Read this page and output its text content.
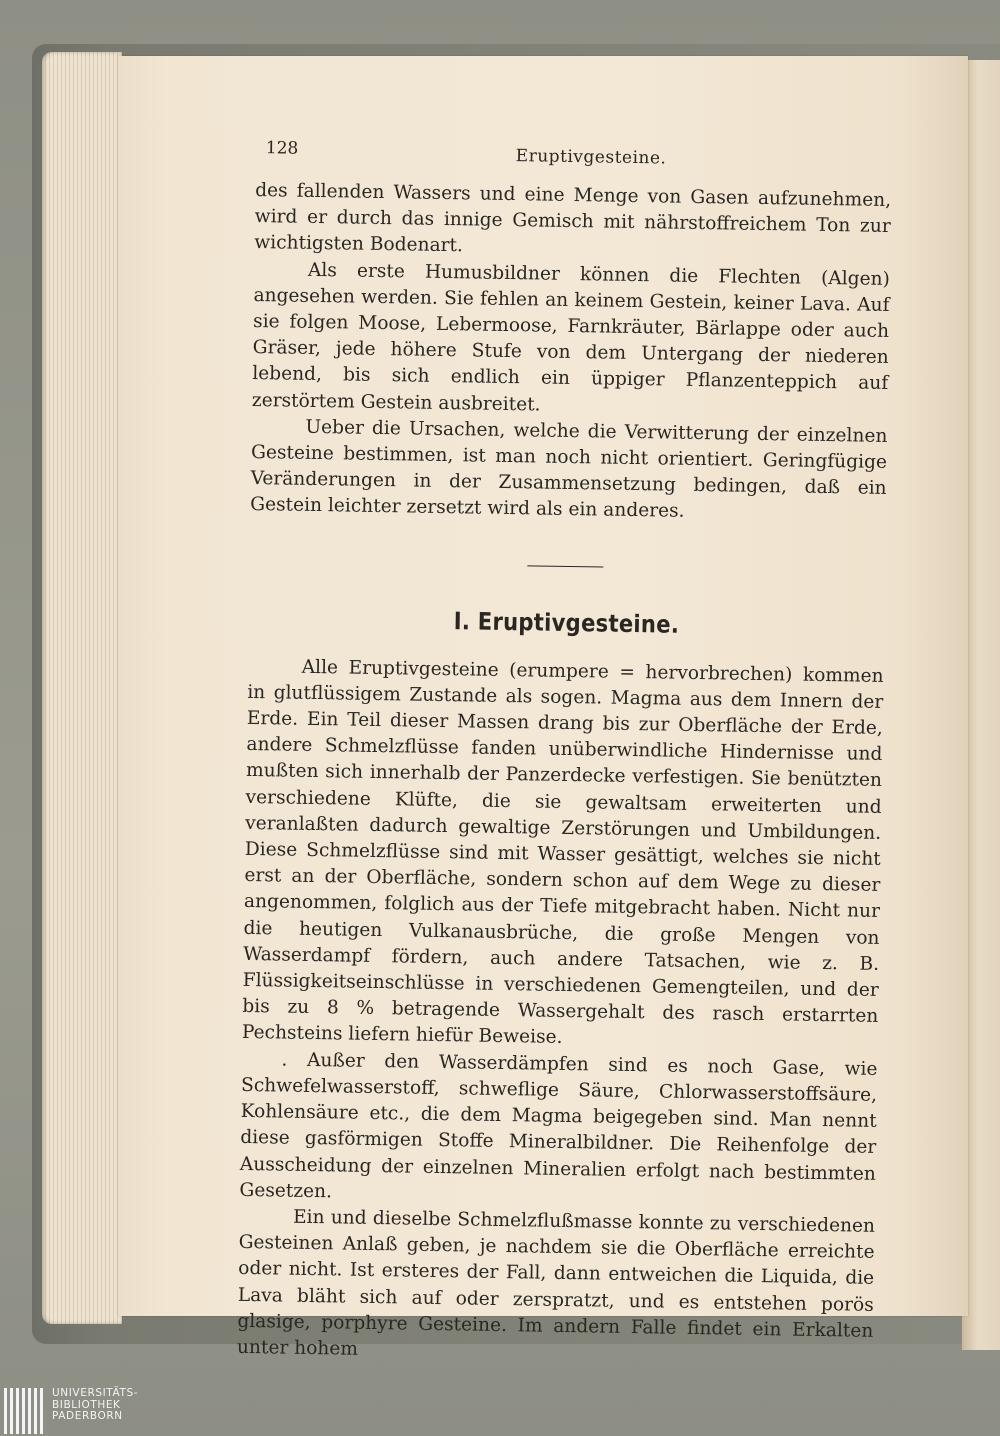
128	Eruptivgesteine.

des fallenden Wassers und eine Menge von Gasen aufzunehmen, wird er durch das innige Gemisch mit nährstoffreichem Ton zur wichtigsten Bodenart.

Als erste Humusbildner können die Flechten (Algen) angesehen werden. Sie fehlen an keinem Gestein, keiner Lava. Auf sie folgen Moose, Lebermoose, Farnkräuter, Bärlappe oder auch Gräser, jede höhere Stufe von dem Untergang der niederen lebend, bis sich endlich ein üppiger Pflanzenteppich auf zerstörtem Gestein ausbreitet.

Ueber die Ursachen, welche die Verwitterung der einzelnen Gesteine bestimmen, ist man noch nicht orientiert. Geringfügige Veränderungen in der Zusammensetzung bedingen, daß ein Gestein leichter zersetzt wird als ein anderes.

I. Eruptivgesteine.

Alle Eruptivgesteine (erumpere = hervorbrechen) kommen in glutflüssigem Zustande als sogen. Magma aus dem Innern der Erde. Ein Teil dieser Massen drang bis zur Oberfläche der Erde, andere Schmelzflüsse fanden unüberwindliche Hindernisse und mußten sich innerhalb der Panzerdecke verfestigen. Sie benützten verschiedene Klüfte, die sie gewaltsam erweiterten und veranlaßten dadurch gewaltige Zerstörungen und Umbildungen. Diese Schmelzflüsse sind mit Wasser gesättigt, welches sie nicht erst an der Oberfläche, sondern schon auf dem Wege zu dieser angenommen, folglich aus der Tiefe mitgebracht haben. Nicht nur die heutigen Vulkanausbrüche, die große Mengen von Wasserdampf fördern, auch andere Tatsachen, wie z. B. Flüssigkeitseinschlüsse in verschiedenen Gemengteilen, und der bis zu 8 % betragende Wassergehalt des rasch erstarrten Pechsteins liefern hiefür Beweise.

. Außer den Wasserdämpfen sind es noch Gase, wie Schwefelwasserstoff, schweflige Säure, Chlorwasserstoffsäure, Kohlensäure etc., die dem Magma beigegeben sind. Man nennt diese gasförmigen Stoffe Mineralbildner. Die Reihenfolge der Ausscheidung der einzelnen Mineralien erfolgt nach bestimmten Gesetzen.

Ein und dieselbe Schmelzflußmasse konnte zu verschiedenen Gesteinen Anlaß geben, je nachdem sie die Oberfläche erreichte oder nicht. Ist ersteres der Fall, dann entweichen die Liquida, die Lava bläht sich auf oder zerspratzt, und es entstehen porös glasige, porphyre Gesteine. Im andern Falle findet ein Erkalten unter hohem

UNIVERSITÄTS-
BIBLIOTHEK
PADERBORN
